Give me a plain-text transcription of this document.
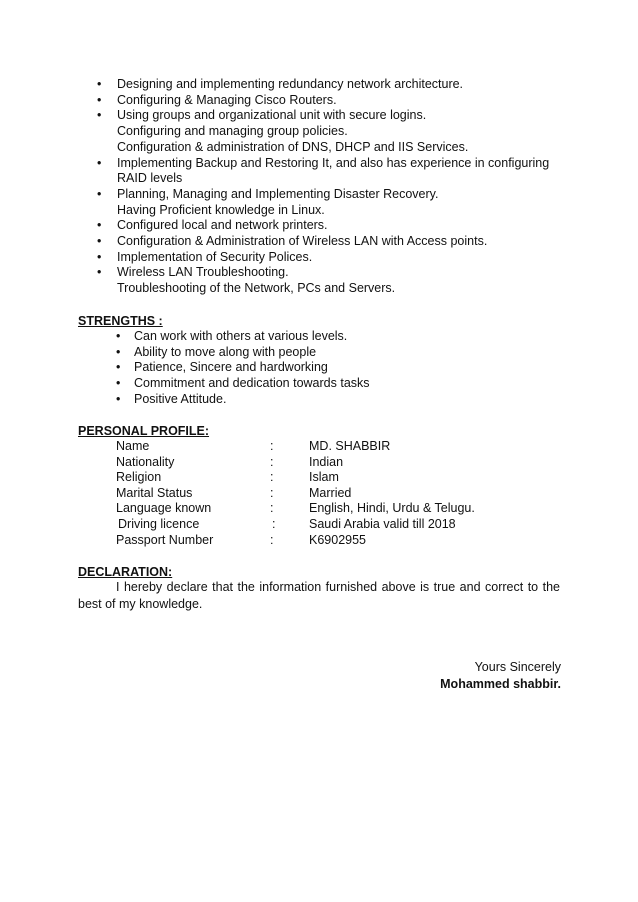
• Designing and implementing redundancy network architecture.
• Configuring & Managing Cisco Routers.
• Using groups and organizational unit with secure logins.
Configuring and managing group policies.
Configuration & administration of DNS, DHCP and IIS Services.
• Implementing Backup and Restoring It, and also has experience in configuring RAID levels
• Planning, Managing and Implementing Disaster Recovery.
Having Proficient knowledge in Linux.
• Configured local and network printers.
• Configuration & Administration of Wireless LAN with Access points.
• Implementation of Security Polices.
• Wireless LAN Troubleshooting.
Troubleshooting of the Network, PCs and Servers.
STRENGTHS :
• Can work with others at various levels.
• Ability to move along with people
• Patience, Sincere and hardworking
• Commitment and dedication towards tasks
• Positive Attitude.
PERSONAL PROFILE:
Name	:	MD. SHABBIR
Nationality	:	Indian
Religion	:	Islam
Marital Status	:	Married
Language known	:	English, Hindi, Urdu & Telugu.
Driving licence	:	Saudi Arabia valid till 2018
Passport Number	:	K6902955
DECLARATION:
I hereby declare that the information furnished above is true and correct to the best of my knowledge.
Yours Sincerely
Mohammed shabbir.
